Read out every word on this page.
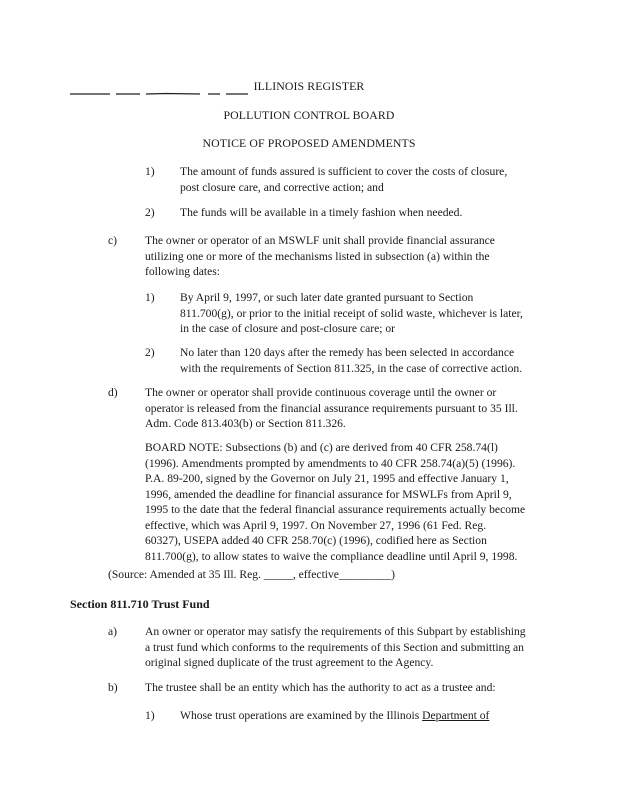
ILLINOIS REGISTER
POLLUTION CONTROL BOARD
NOTICE OF PROPOSED AMENDMENTS
1) The amount of funds assured is sufficient to cover the costs of closure,
post closure care, and corrective action; and
2) The funds will be available in a timely fashion when needed.
c) The owner or operator of an MSWLF unit shall provide financial assurance
utilizing one or more of the mechanisms listed in subsection (a) within the
following dates:
1) By April 9, 1997, or such later date granted pursuant to Section
811.700(g), or prior to the initial receipt of solid waste, whichever is later,
in the case of closure and post-closure care; or
2) No later than 120 days after the remedy has been selected in accordance
with the requirements of Section 811.325, in the case of corrective action.
d) The owner or operator shall provide continuous coverage until the owner or
operator is released from the financial assurance requirements pursuant to 35 Ill.
Adm. Code 813.403(b) or Section 811.326.
BOARD NOTE: Subsections (b) and (c) are derived from 40 CFR 258.74(l)
(1996). Amendments prompted by amendments to 40 CFR 258.74(a)(5) (1996).
P.A. 89-200, signed by the Governor on July 21, 1995 and effective January 1,
1996, amended the deadline for financial assurance for MSWLFs from April 9,
1995 to the date that the federal financial assurance requirements actually become
effective, which was April 9, 1997. On November 27, 1996 (61 Fed. Reg.
60327), USEPA added 40 CFR 258.70(c) (1996), codified here as Section
811.700(g), to allow states to waive the compliance deadline until April 9, 1998.
(Source: Amended at 35 Ill. Reg. _____, effective_________)
Section 811.710 Trust Fund
a) An owner or operator may satisfy the requirements of this Subpart by establishing
a trust fund which conforms to the requirements of this Section and submitting an
original signed duplicate of the trust agreement to the Agency.
b) The trustee shall be an entity which has the authority to act as a trustee and:
1) Whose trust operations are examined by the Illinois Department of
